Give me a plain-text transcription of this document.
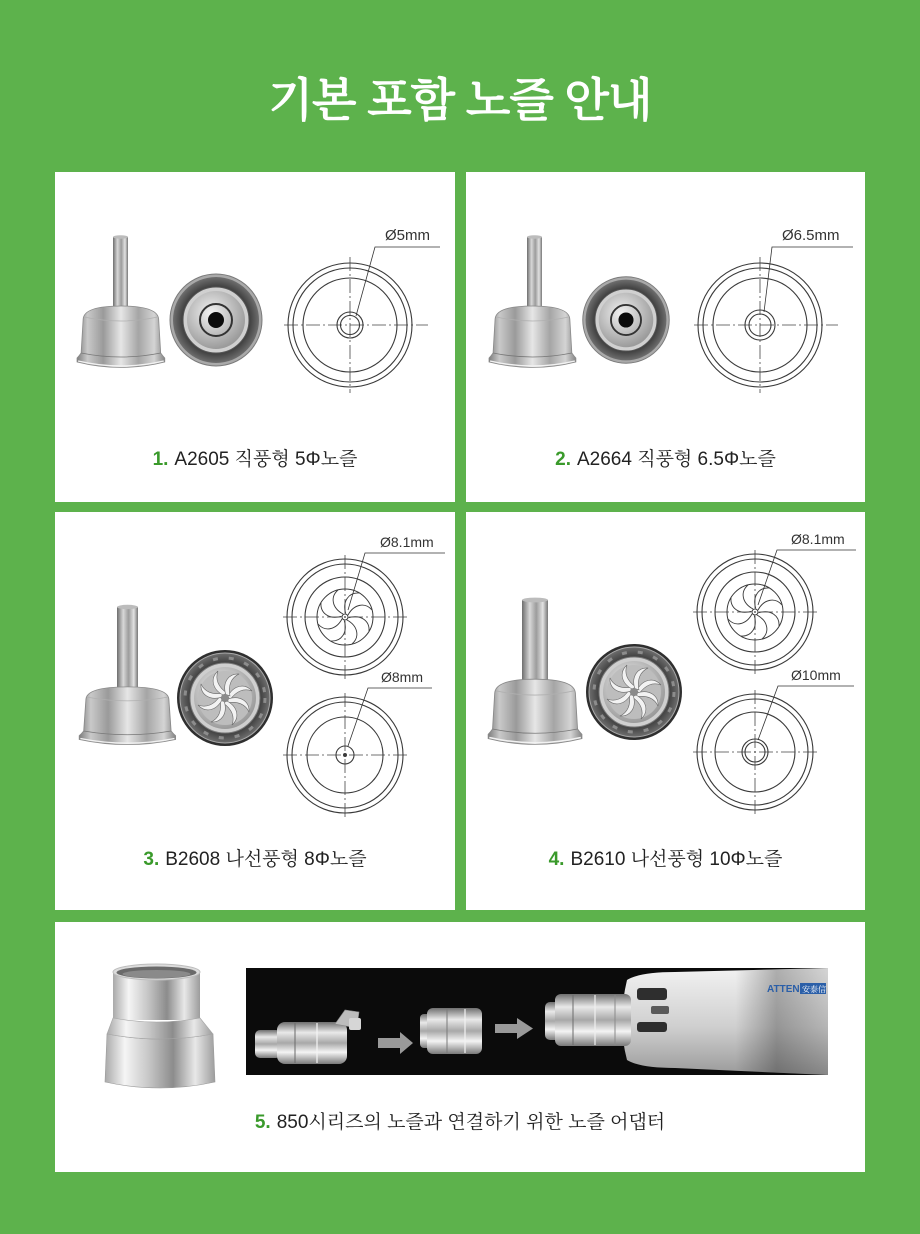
기본 포함 노즐 안내
Ø5mm
1. A2605 직풍형 5Φ노즐
Ø6.5mm
2. A2664 직풍형 6.5Φ노즐
Ø8.1mm
Ø8mm
3. B2608 나선풍형 8Φ노즐
Ø8.1mm
Ø10mm
4. B2610 나선풍형 10Φ노즐
ATTEN 安泰信
5. 850시리즈의 노즐과 연결하기 위한 노즐 어댑터
